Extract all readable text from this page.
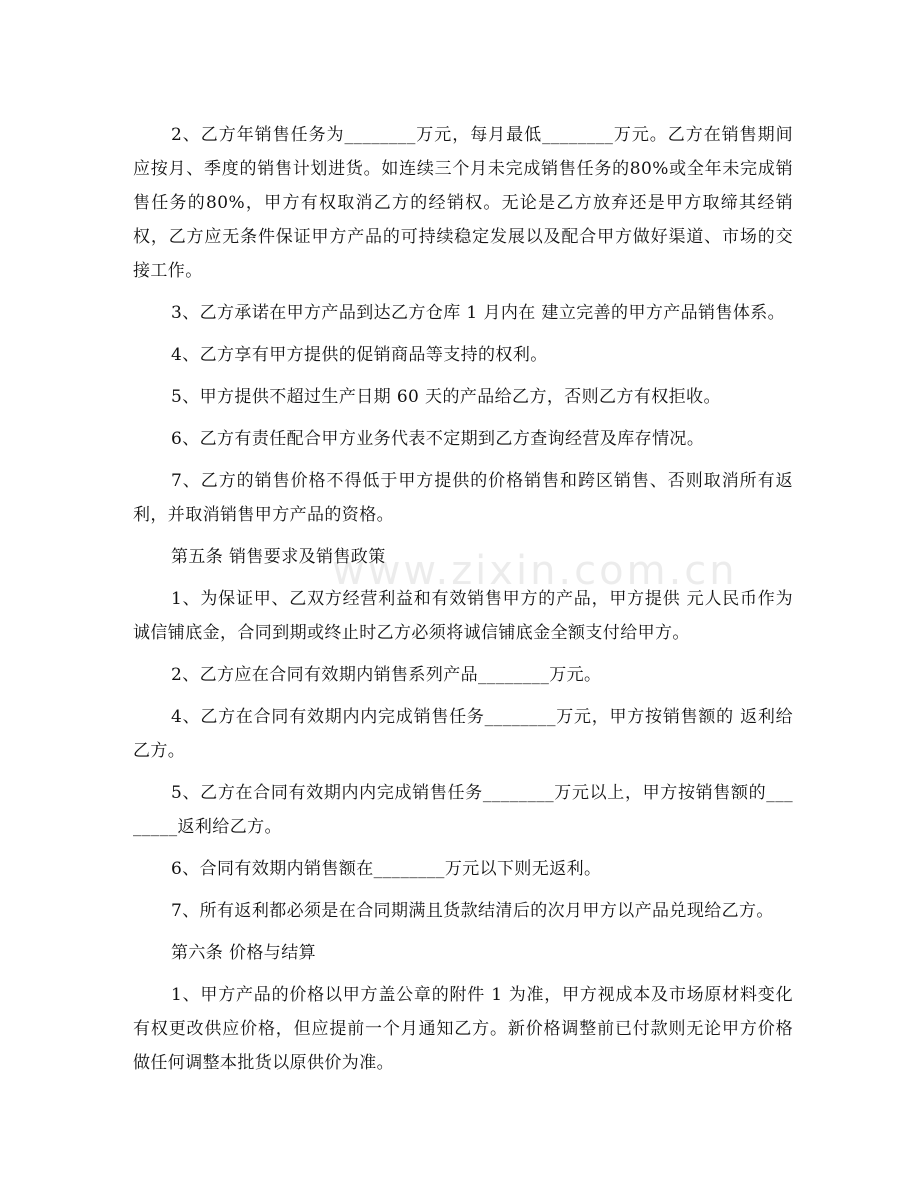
www.zixin.com.cn

2、乙方年销售任务为________万元，每月最低________万元。乙方在销售期间应按月、季度的销售计划进货。如连续三个月未完成销售任务的80%或全年未完成销售任务的80%，甲方有权取消乙方的经销权。无论是乙方放弃还是甲方取缔其经销权，乙方应无条件保证甲方产品的可持续稳定发展以及配合甲方做好渠道、市场的交接工作。

3、乙方承诺在甲方产品到达乙方仓库 1 月内在 建立完善的甲方产品销售体系。

4、乙方享有甲方提供的促销商品等支持的权利。

5、甲方提供不超过生产日期 60 天的产品给乙方，否则乙方有权拒收。

6、乙方有责任配合甲方业务代表不定期到乙方查询经营及库存情况。

7、乙方的销售价格不得低于甲方提供的价格销售和跨区销售、否则取消所有返利，并取消销售甲方产品的资格。

第五条 销售要求及销售政策

1、为保证甲、乙双方经营利益和有效销售甲方的产品，甲方提供 元人民币作为诚信铺底金，合同到期或终止时乙方必须将诚信铺底金全额支付给甲方。

2、乙方应在合同有效期内销售系列产品________万元。

4、乙方在合同有效期内内完成销售任务________万元，甲方按销售额的 返利给乙方。

5、乙方在合同有效期内内完成销售任务________万元以上，甲方按销售额的________返利给乙方。

6、合同有效期内销售额在________万元以下则无返利。

7、所有返利都必须是在合同期满且货款结清后的次月甲方以产品兑现给乙方。

第六条 价格与结算

1、甲方产品的价格以甲方盖公章的附件 1 为准，甲方视成本及市场原材料变化有权更改供应价格，但应提前一个月通知乙方。新价格调整前已付款则无论甲方价格做任何调整本批货以原供价为准。
